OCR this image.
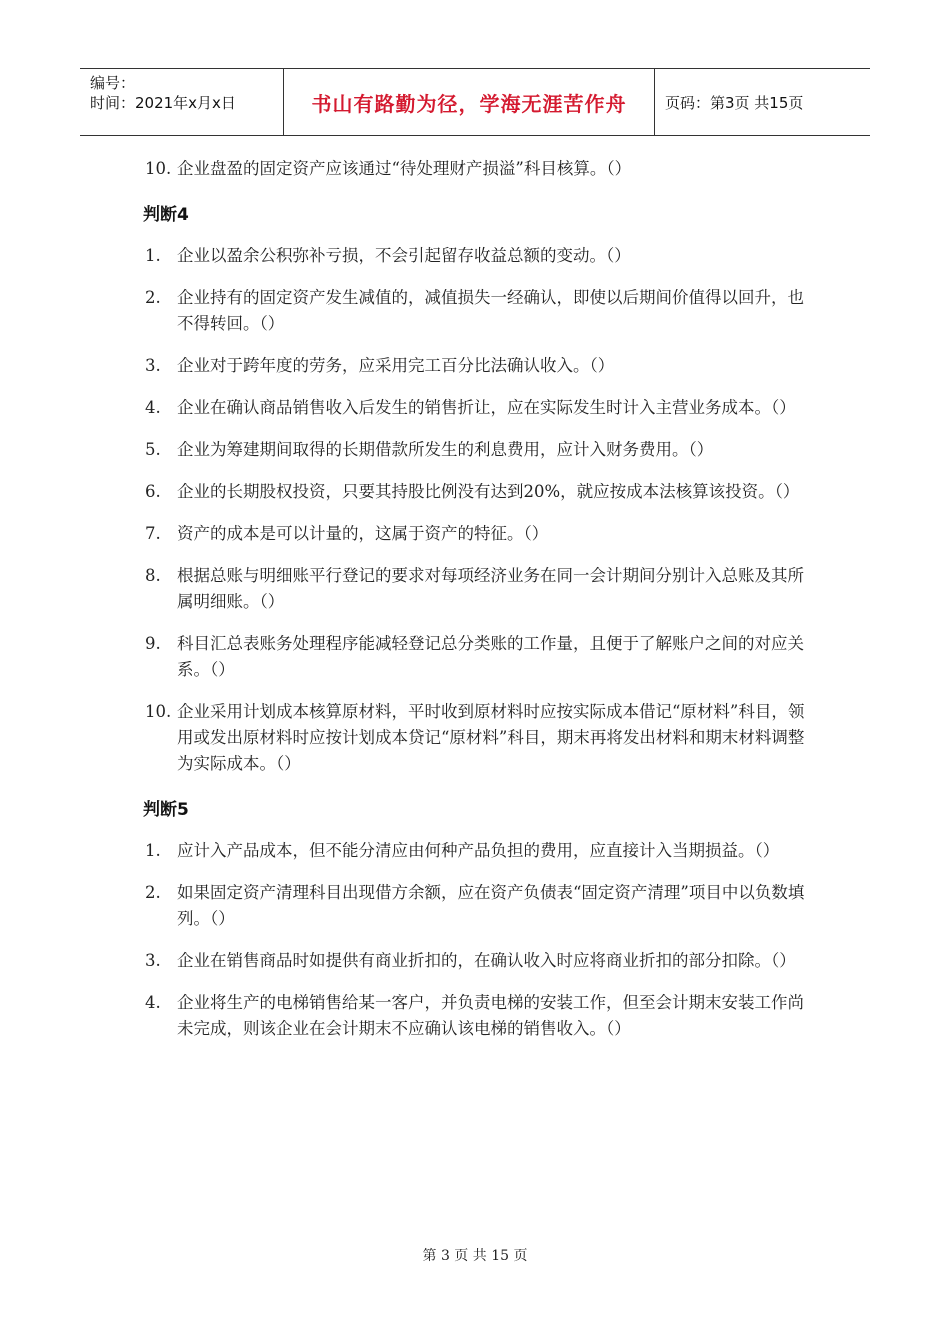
编号：
时间：2021年x月x日	书山有路勤为径，学海无涯苦作舟	页码：第3页 共15页
10. 企业盘盈的固定资产应该通过“待处理财产损溢”科目核算。（）
判断4
1. 企业以盈余公积弥补亏损，不会引起留存收益总额的变动。（）
2. 企业持有的固定资产发生减值的，减值损失一经确认，即使以后期间价值得以回升，也不得转回。（）
3. 企业对于跨年度的劳务，应采用完工百分比法确认收入。（）
4. 企业在确认商品销售收入后发生的销售折让，应在实际发生时计入主营业务成本。（）
5. 企业为筹建期间取得的长期借款所发生的利息费用，应计入财务费用。（）
6. 企业的长期股权投资，只要其持股比例没有达到20%，就应按成本法核算该投资。（）
7. 资产的成本是可以计量的，这属于资产的特征。（）
8. 根据总账与明细账平行登记的要求对每项经济业务在同一会计期间分别计入总账及其所属明细账。（）
9. 科目汇总表账务处理程序能减轻登记总分类账的工作量，且便于了解账户之间的对应关系。（）
10. 企业采用计划成本核算原材料，平时收到原材料时应按实际成本借记“原材料”科目，领用或发出原材料时应按计划成本贷记“原材料”科目，期末再将发出材料和期末材料调整为实际成本。（）
判断5
1. 应计入产品成本，但不能分清应由何种产品负担的费用，应直接计入当期损益。（）
2. 如果固定资产清理科目出现借方余额，应在资产负债表“固定资产清理”项目中以负数填列。（）
3. 企业在销售商品时如提供有商业折扣的，在确认收入时应将商业折扣的部分扣除。（）
4. 企业将生产的电梯销售给某一客户，并负责电梯的安装工作，但至会计期末安装工作尚未完成，则该企业在会计期末不应确认该电梯的销售收入。（）
第 3 页 共 15 页
